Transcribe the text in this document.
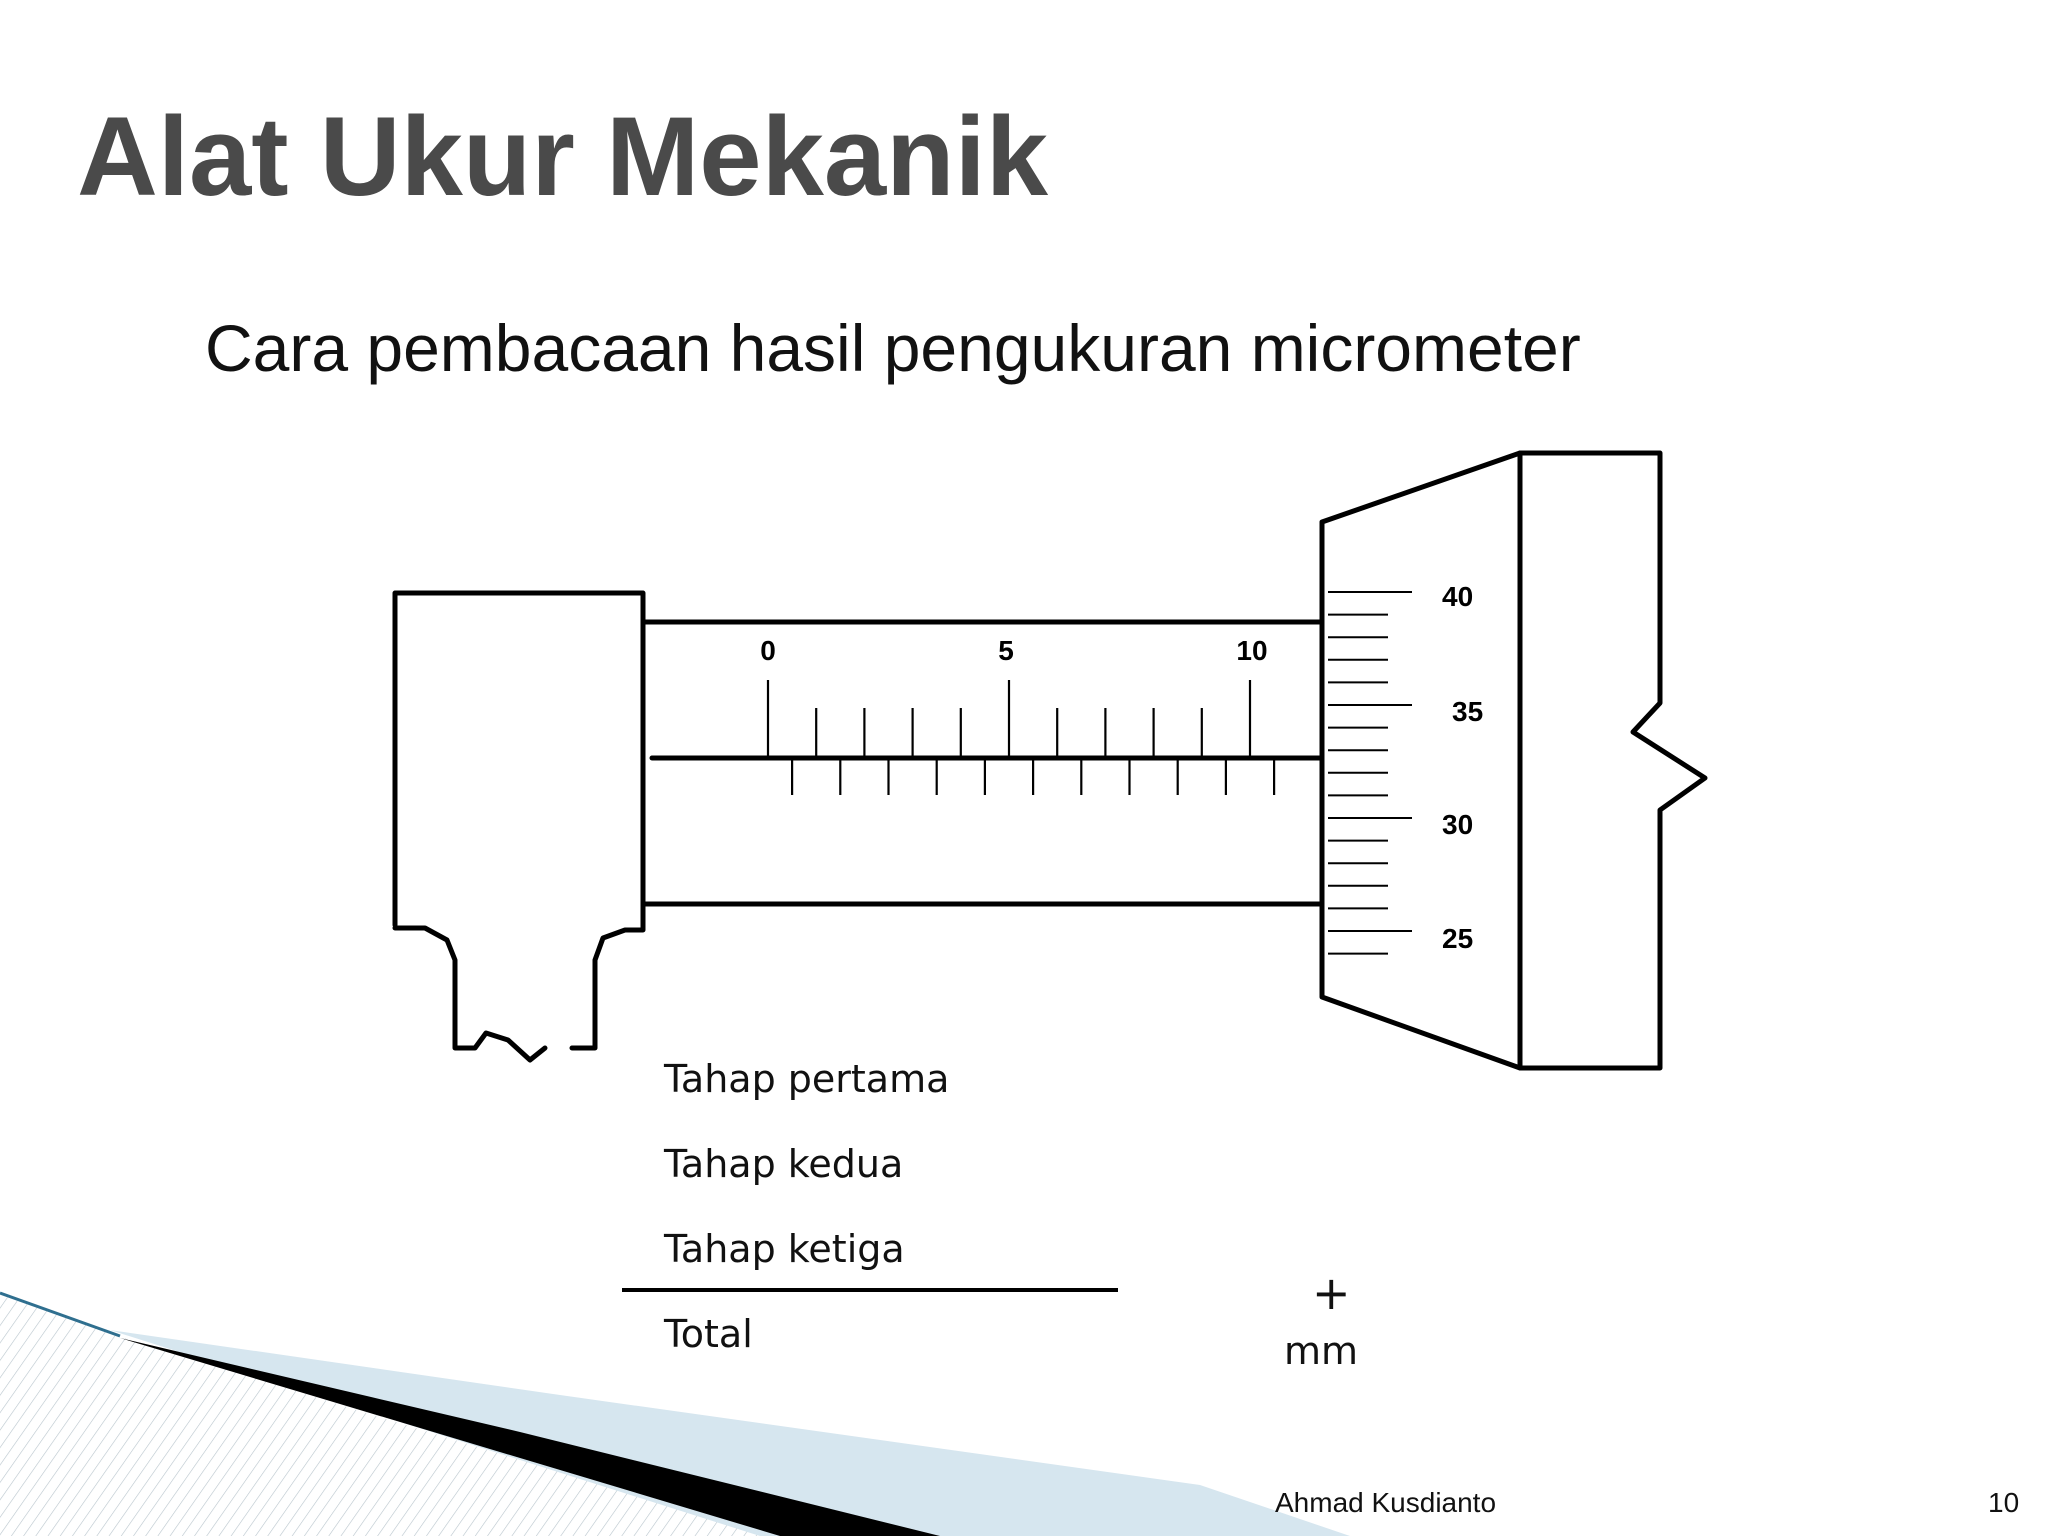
Alat Ukur Mekanik
Cara pembacaan hasil pengukuran micrometer
0	5	10
40
35
30
25
Tahap pertama
Tahap kedua
Tahap ketiga
+
Total	mm
Ahmad Kusdianto	10
